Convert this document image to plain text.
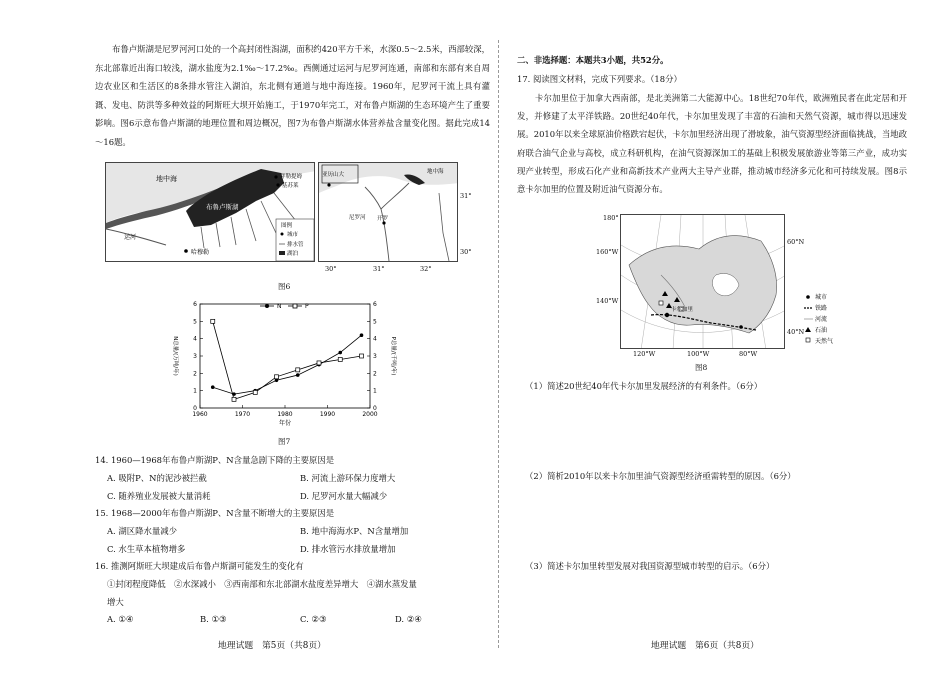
布鲁卢斯湖是尼罗河河口处的一个高封闭性潟湖，面积约420平方千米，水深0.5～2.5米，西部较深，东北部靠近出海口较浅，湖水盐度为2.1‰～17.2‰。西侧通过运河与尼罗河连通，南部和东部有来自周边农业区和生活区的8条排水管注入湖泊，东北侧有通道与地中海连接。1960年，尼罗河干流上具有灌溉、发电、防洪等多种效益的阿斯旺大坝开始施工，于1970年完工，对布鲁卢斯湖的生态环境产生了重要影响。图6示意布鲁卢斯湖的地理位置和周边概况，图7为布鲁卢斯湖水体营养盐含量变化图。据此完成14～16题。

地中海
布鲁卢斯湖
运河
哈穆勒
拜勒提姆
基苏莱
图例
城市
排水管
湖泊
亚历山大
开罗
尼罗河
地中海
31°
30°
30°	31°	32°
图6
1960	1970	1980	1990	2000
0
1
2
3
4
5
6
0
1
2
3
4
5
6
年份
N总量/(万吨/年)	P总量/(千吨/年)
N	P
图7
14. 1960—1968年布鲁卢斯湖P、N含量急剧下降的主要原因是
A. 吸附P、N的泥沙被拦截	B. 河流上游环保力度增大
C. 随养殖业发展被大量消耗	D. 尼罗河水量大幅减少
15. 1968—2000年布鲁卢斯湖P、N含量不断增大的主要原因是
A. 湖区降水量减少	B. 地中海海水P、N含量增加
C. 水生草本植物增多	D. 排水管污水排放量增加
16. 推测阿斯旺大坝建成后布鲁卢斯湖可能发生的变化有
①封闭程度降低　②水深减小　③西南部和东北部湖水盐度差异增大　④湖水蒸发量
增大
A. ①④	B. ①③	C. ②③	D. ②④
地理试题　第5页（共8页）
二、非选择题：本题共3小题，共52分。
17. 阅读图文材料，完成下列要求。（18分）

卡尔加里位于加拿大西南部，是北美洲第二大能源中心。18世纪70年代，欧洲殖民者在此定居和开发，并修建了太平洋铁路。20世纪40年代，卡尔加里发现了丰富的石油和天然气资源，城市得以迅速发展。2010年以来全球原油价格跌宕起伏，卡尔加里经济出现了滑坡象，油气资源型经济面临挑战，当地政府联合油气企业与高校，成立科研机构，在油气资源深加工的基础上积极发展旅游业等第三产业，成功实现产业转型，形成石化产业和高新技术产业两大主导产业群，推动城市经济多元化和可持续发展。图8示意卡尔加里的位置及附近油气资源分布。

卡尔加里
180°
160°W
140°W
120°W	100°W	80°W
60°N
40°N
城市
铁路
河流
石油
天然气
图8
（1）简述20世纪40年代卡尔加里发展经济的有利条件。（6分）
（2）简析2010年以来卡尔加里油气资源型经济亟需转型的原因。（6分）
（3）简述卡尔加里转型发展对我国资源型城市转型的启示。（6分）
地理试题　第6页（共8页）
